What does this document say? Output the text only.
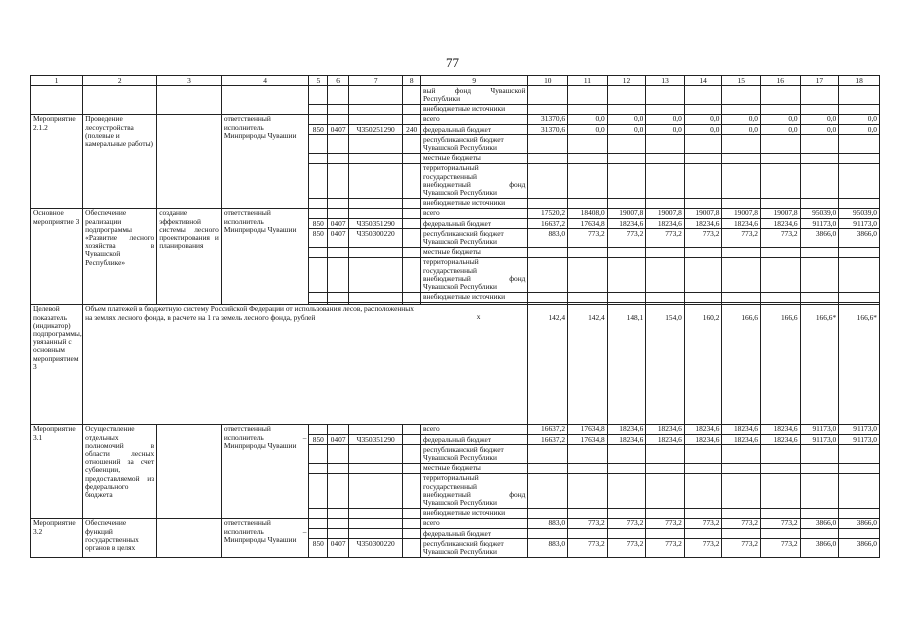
77
1	2	3	4	5	6	7	8	9	10	11	12	13	14	15	16	17	18
								вый фонд Чувашской Республики									
								внебюджетные источники									
Мероприятие 2.1.2	Проведение лесоустройства (полевые и камеральные работы)		ответственный исполнитель Минприроды Чувашии					всего	31370,6	0,0	0,0	0,0	0,0	0,0	0,0	0,0	0,0
				850	0407	Ч350251290	240	федеральный бюджет	31370,6	0,0	0,0	0,0	0,0	0,0	0,0	0,0	0,0
								республиканский бюджет Чувашской Республики									
								местные бюджеты									
								территориальный государственный внебюджетный фонд Чувашской Республики									
								внебюджетные источники									
Основное мероприятие 3	Обеспечение реализации подпрограммы «Развитие лесного хозяйства в Чувашской Республике»	создание эффективной системы лесного проектирования и планирования	ответственный исполнитель Минприроды Чувашии					всего	17520,2	18408,0	19007,8	19007,8	19007,8	19007,8	19007,8	95039,0	95039,0
				850	0407	Ч350351290		федеральный бюджет	16637,2	17634,8	18234,6	18234,6	18234,6	18234,6	18234,6	91173,0	91173,0
				850	0407	Ч350300220		республиканский бюджет Чувашской Республики	883,0	773,2	773,2	773,2	773,2	773,2	773,2	3866,0	3866,0
								местные бюджеты									
								территориальный государственный внебюджетный фонд Чувашской Республики									
								внебюджетные источники									

Целевой показатель (индикатор) подпрограммы, увязанный с основным мероприятием 3	Объем платежей в бюджетную систему Российской Федерации от использования лесов, расположенных на землях лесного фонда, в расчете на 1 га земель лесного фонда, рублей х								142,4	142,4	148,1	154,0	160,2	166,6	166,6	166,6*	166,6*
Мероприятие 3.1	Осуществление отдельных полномочий в области лесных отношений за счет субвенции, предоставляемой из федерального бюджета		ответственный исполнитель – Минприроды Чувашии					всего	16637,2	17634,8	18234,6	18234,6	18234,6	18234,6	18234,6	91173,0	91173,0
				850	0407	Ч350351290		федеральный бюджет	16637,2	17634,8	18234,6	18234,6	18234,6	18234,6	18234,6	91173,0	91173,0
								республиканский бюджет Чувашской Республики									
								местные бюджеты									
								территориальный государственный внебюджетный фонд Чувашской Республики									
								внебюджетные источники									
Мероприятие 3.2	Обеспечение функций государственных органов в целях		ответственный исполнитель – Минприроды Чувашии					всего	883,0	773,2	773,2	773,2	773,2	773,2	773,2	3866,0	3866,0
								федеральный бюджет									
				850	0407	Ч350300220		республиканский бюджет Чувашской Республики	883,0	773,2	773,2	773,2	773,2	773,2	773,2	3866,0	3866,0
